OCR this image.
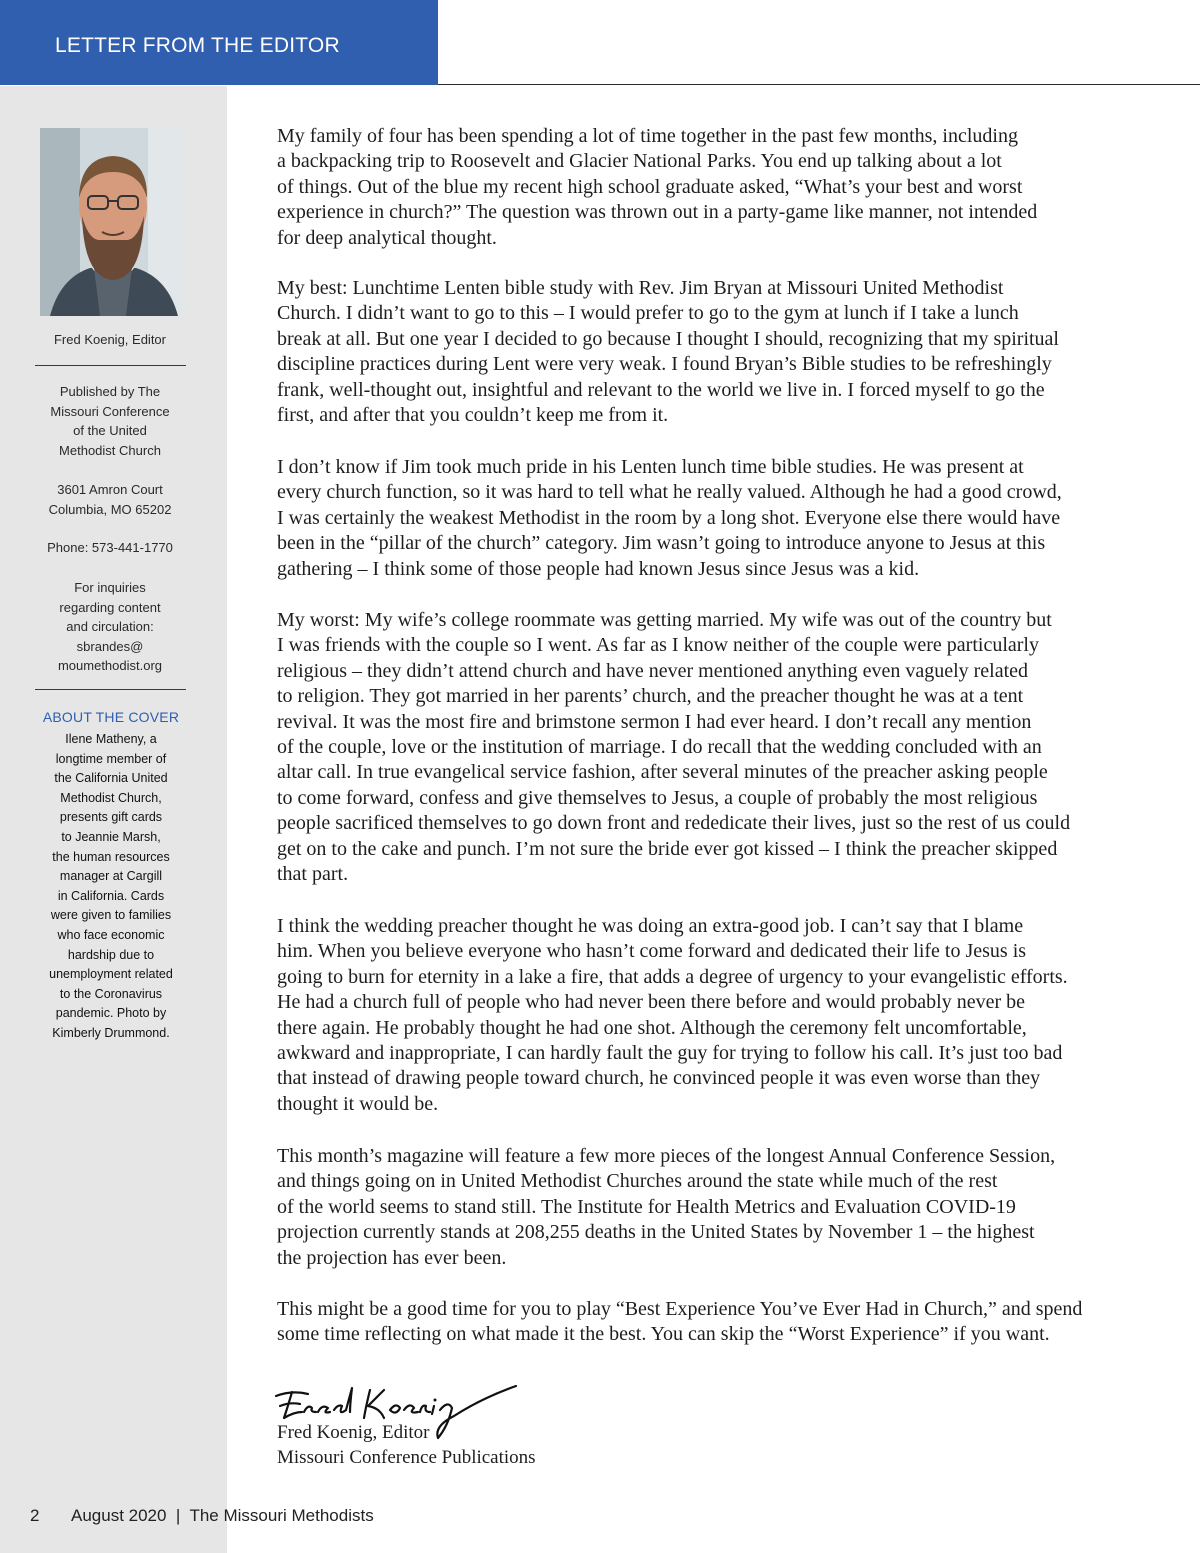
LETTER FROM THE EDITOR
Fred Koenig, Editor
Published by The
Missouri Conference
of the United
Methodist Church
3601 Amron Court
Columbia, MO 65202
Phone: 573-441-1770
For inquiries
regarding content
and circulation:
sbrandes@
moumethodist.org
ABOUT THE COVER
Ilene Matheny, a
longtime member of
the California United
Methodist Church,
presents gift cards
to Jeannie Marsh,
the human resources
manager at Cargill
in California. Cards
were given to families
who face economic
hardship due to
unemployment related
to the Coronavirus
pandemic. Photo by
Kimberly Drummond.

My family of four has been spending a lot of time together in the past few months, including
a backpacking trip to Roosevelt and Glacier National Parks. You end up talking about a lot
of things. Out of the blue my recent high school graduate asked, “What’s your best and worst
experience in church?” The question was thrown out in a party-game like manner, not intended
for deep analytical thought.

My best: Lunchtime Lenten bible study with Rev. Jim Bryan at Missouri United Methodist
Church. I didn’t want to go to this – I would prefer to go to the gym at lunch if I take a lunch
break at all. But one year I decided to go because I thought I should, recognizing that my spiritual
discipline practices during Lent were very weak. I found Bryan’s Bible studies to be refreshingly
frank, well-thought out, insightful and relevant to the world we live in. I forced myself to go the
first, and after that you couldn’t keep me from it.

I don’t know if Jim took much pride in his Lenten lunch time bible studies. He was present at
every church function, so it was hard to tell what he really valued. Although he had a good crowd,
I was certainly the weakest Methodist in the room by a long shot. Everyone else there would have
been in the “pillar of the church” category. Jim wasn’t going to introduce anyone to Jesus at this
gathering – I think some of those people had known Jesus since Jesus was a kid.

My worst: My wife’s college roommate was getting married. My wife was out of the country but
I was friends with the couple so I went. As far as I know neither of the couple were particularly
religious – they didn’t attend church and have never mentioned anything even vaguely related
to religion. They got married in her parents’ church, and the preacher thought he was at a tent
revival. It was the most fire and brimstone sermon I had ever heard. I don’t recall any mention
of the couple, love or the institution of marriage. I do recall that the wedding concluded with an
altar call. In true evangelical service fashion, after several minutes of the preacher asking people
to come forward, confess and give themselves to Jesus, a couple of probably the most religious
people sacrificed themselves to go down front and rededicate their lives, just so the rest of us could
get on to the cake and punch. I’m not sure the bride ever got kissed – I think the preacher skipped
that part.

I think the wedding preacher thought he was doing an extra-good job. I can’t say that I blame
him. When you believe everyone who hasn’t come forward and dedicated their life to Jesus is
going to burn for eternity in a lake a fire, that adds a degree of urgency to your evangelistic efforts.
He had a church full of people who had never been there before and would probably never be
there again. He probably thought he had one shot. Although the ceremony felt uncomfortable,
awkward and inappropriate, I can hardly fault the guy for trying to follow his call. It’s just too bad
that instead of drawing people toward church, he convinced people it was even worse than they
thought it would be.

This month’s magazine will feature a few more pieces of the longest Annual Conference Session,
and things going on in United Methodist Churches around the state while much of the rest
of the world seems to stand still. The Institute for Health Metrics and Evaluation COVID-19
projection currently stands at 208,255 deaths in the United States by November 1 – the highest
the projection has ever been.

This might be a good time for you to play “Best Experience You’ve Ever Had in Church,” and spend
some time reflecting on what made it the best. You can skip the “Worst Experience” if you want.

Fred Koenig, Editor
Missouri Conference Publications
2 August 2020  |  The Missouri Methodists
